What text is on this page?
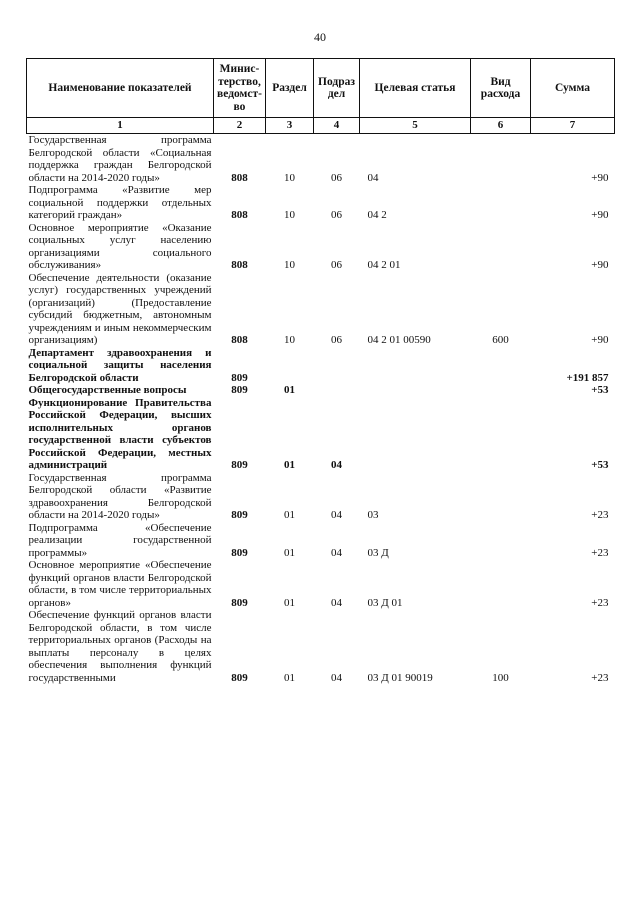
40
Наименование показателей	Минис-терство, ведомст-во	Раздел	Подраз дел	Целевая статья	Вид расхода	Сумма
1	2	3	4	5	6	7
Государственная программа Белгородской области «Социальная поддержка граждан Белгородской области на 2014-2020 годы»	808	10	06	04		+90
Подпрограмма «Развитие мер социальной поддержки отдельных категорий граждан»	808	10	06	04 2		+90
Основное мероприятие «Оказание социальных услуг населению организациями социального обслуживания»	808	10	06	04 2 01		+90
Обеспечение деятельности (оказание услуг) государственных учреждений (организаций) (Предоставление субсидий бюджетным, автономным учреждениям и иным некоммерческим организациям)	808	10	06	04 2 01 00590	600	+90
Департамент здравоохранения и социальной защиты населения Белгородской области	809					+191 857
Общегосударственные вопросы	809	01				+53
Функционирование Правительства Российской Федерации, высших исполнительных органов государственной власти субъектов Российской Федерации, местных администраций	809	01	04			+53
Государственная программа Белгородской области «Развитие здравоохранения Белгородской области на 2014-2020 годы»	809	01	04	03		+23
Подпрограмма «Обеспечение реализации государственной программы»	809	01	04	03 Д		+23
Основное мероприятие «Обеспечение функций органов власти Белгородской области, в том числе территориальных органов»	809	01	04	03 Д 01		+23
Обеспечение функций органов власти Белгородской области, в том числе территориальных органов (Расходы на выплаты персоналу в целях обеспечения выполнения функций государственными	809	01	04	03 Д 01 90019	100	+23
